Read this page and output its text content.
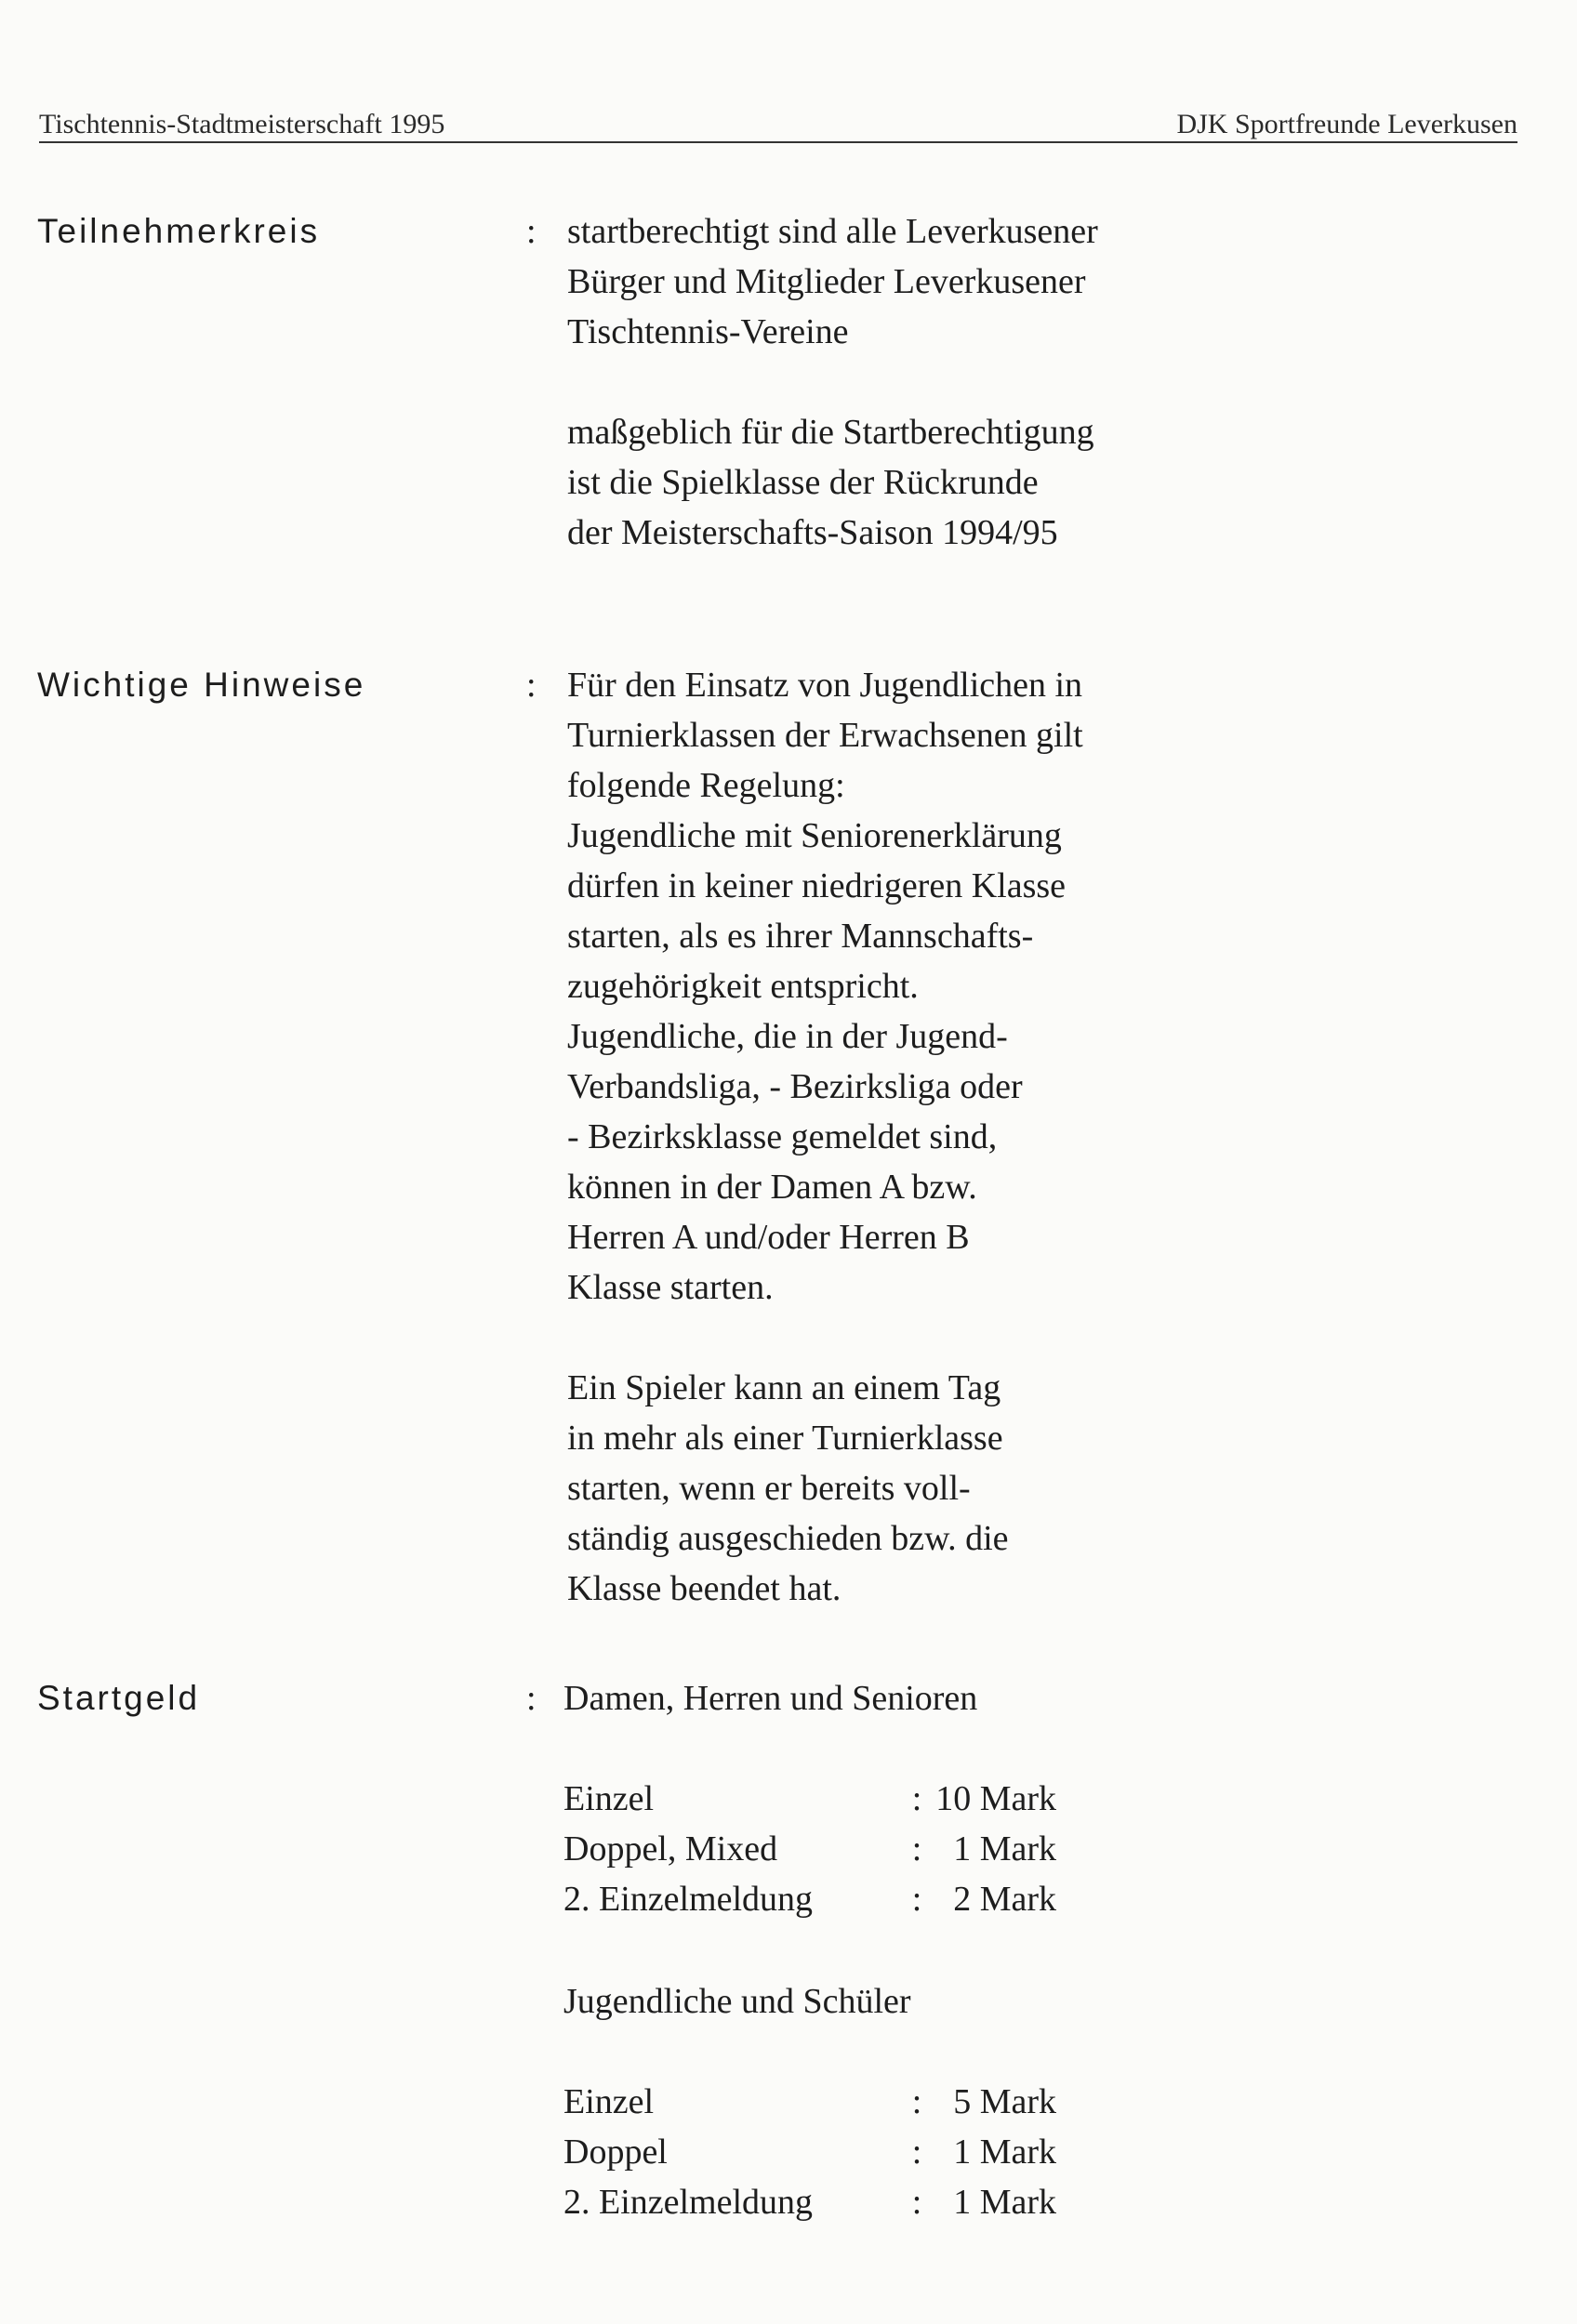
Tischtennis-Stadtmeisterschaft 1995	DJK Sportfreunde Leverkusen
Teilnehmerkreis	: startberechtigt sind alle Leverkusener

Bürger und Mitglieder Leverkusener

Tischtennis-Vereine

maßgeblich für die Startberechtigung

ist die Spielklasse der Rückrunde

der Meisterschafts-Saison 1994/95

Wichtige Hinweise	: Für den Einsatz von Jugendlichen in

Turnierklassen der Erwachsenen gilt

folgende Regelung:

Jugendliche mit Seniorenerklärung

dürfen in keiner niedrigeren Klasse

starten, als es ihrer Mannschafts-

zugehörigkeit entspricht.

Jugendliche, die in der Jugend-

Verbandsliga, - Bezirksliga oder

- Bezirksklasse gemeldet sind,

können in der Damen A bzw.

Herren A und/oder Herren B

Klasse starten.

Ein Spieler kann an einem Tag

in mehr als einer Turnierklasse

starten, wenn er bereits voll-

ständig ausgeschieden bzw. die

Klasse beendet hat.

Startgeld	: Damen, Herren und Senioren
Einzel	: 10 Mark
Doppel, Mixed	: 1 Mark
2. Einzelmeldung	: 2 Mark
Jugendliche und Schüler
Einzel	: 5 Mark
Doppel	: 1 Mark
2. Einzelmeldung	: 1 Mark
